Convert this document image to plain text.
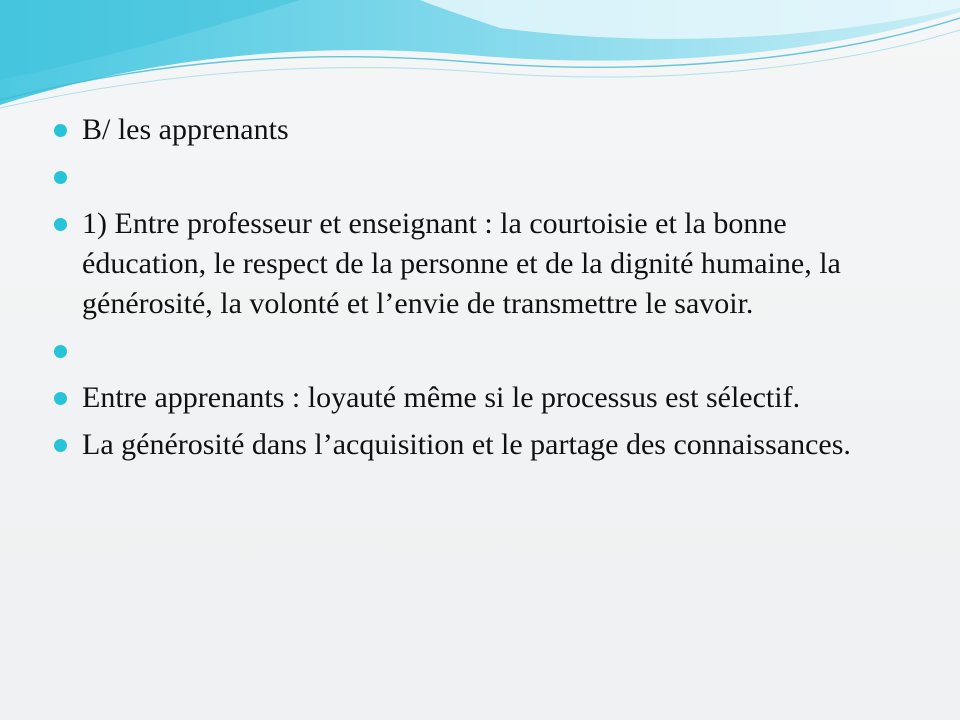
B/ les apprenants
1) Entre professeur et enseignant : la courtoisie et la bonne éducation, le respect de la personne et de la dignité humaine, la générosité, la volonté et l’envie de transmettre le savoir.
Entre apprenants : loyauté même si le processus est sélectif.
La générosité dans l’acquisition et le partage des connaissances.
